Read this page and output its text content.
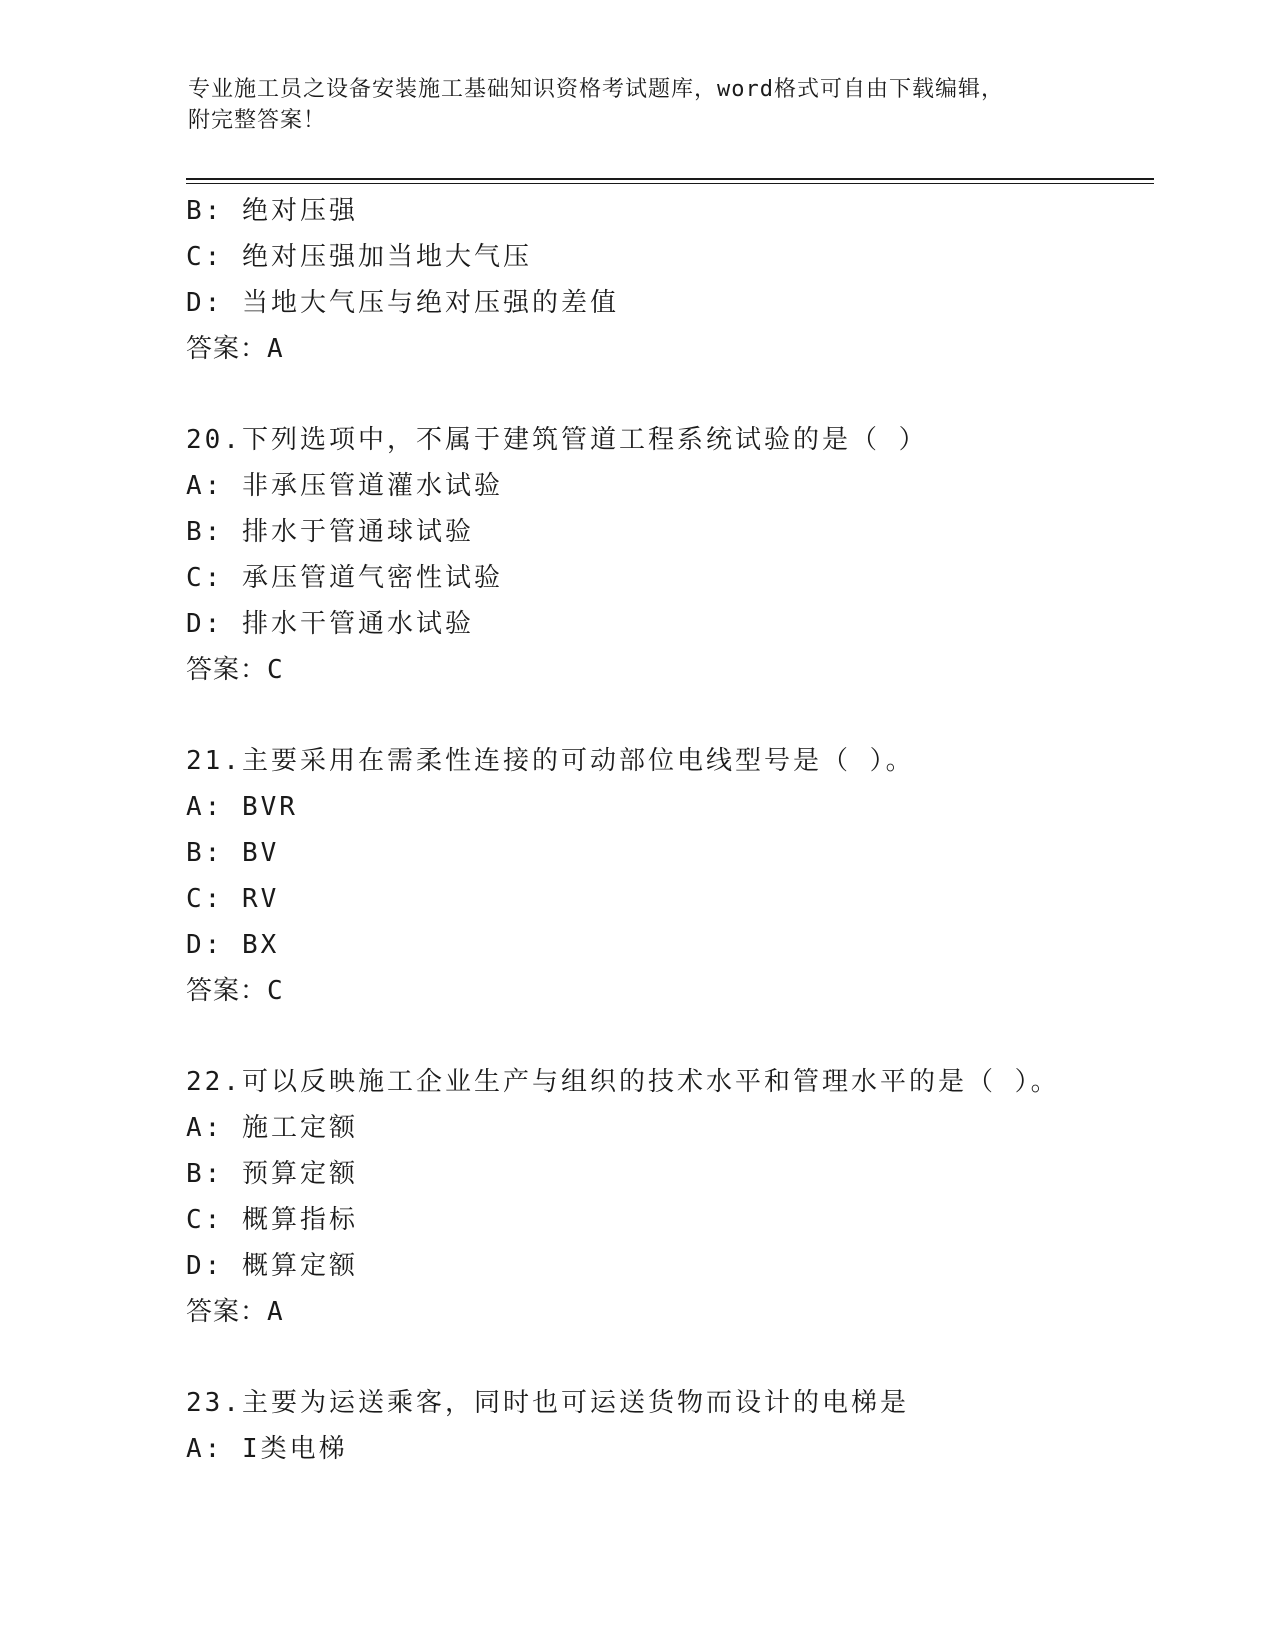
专业施工员之设备安装施工基础知识资格考试题库，word格式可自由下载编辑，
附完整答案！
B: 绝对压强
C: 绝对压强加当地大气压
D: 当地大气压与绝对压强的差值
答案：A
20.下列选项中，不属于建筑管道工程系统试验的是（ ）
A: 非承压管道灌水试验
B: 排水于管通球试验
C: 承压管道气密性试验
D: 排水干管通水试验
答案：C
21.主要采用在需柔性连接的可动部位电线型号是（ ）。
A: BVR
B: BV
C: RV
D: BX
答案：C
22.可以反映施工企业生产与组织的技术水平和管理水平的是（ ）。
A: 施工定额
B: 预算定额
C: 概算指标
D: 概算定额
答案：A
23.主要为运送乘客，同时也可运送货物而设计的电梯是
A: I类电梯
